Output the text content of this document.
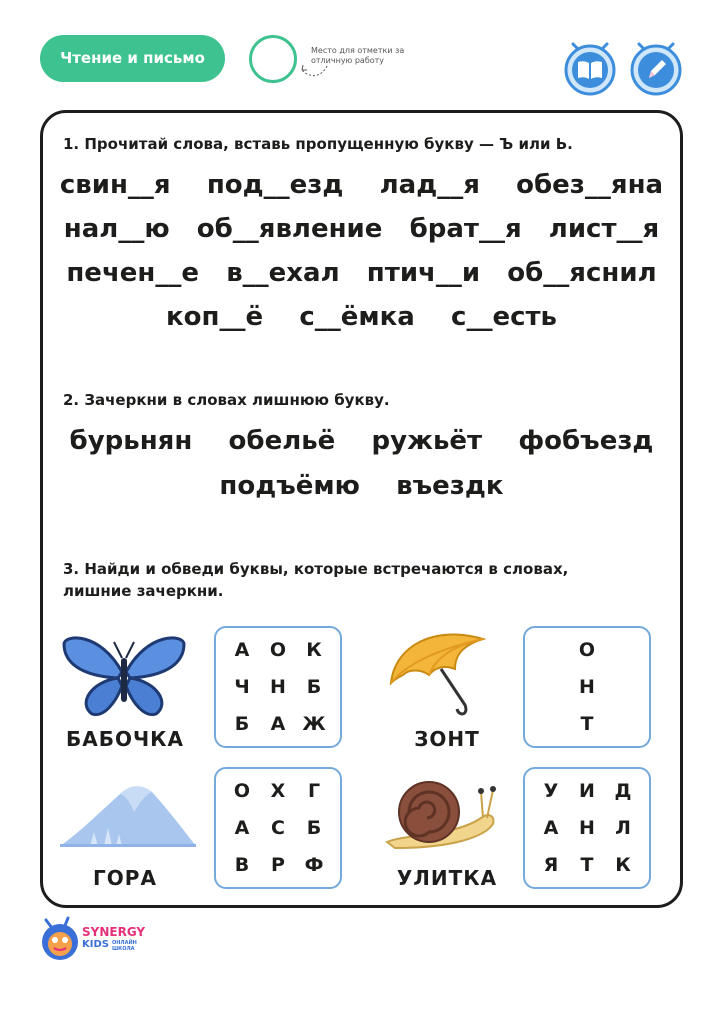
Чтение и письмо	Место для отметки за отличную работу
1. Прочитай слова, вставь пропущенную букву — Ъ или Ь.
свин__я под__езд лад__я обез__яна
нал__ю об__явление брат__я лист__я
печен__е в__ехал птич__и об__яснил
коп__ё с__ёмка с__есть
2. Зачеркни в словах лишнюю букву.
бурьнян обельё ружьёт фобъезд
подъёмю въездк
3. Найди и обведи буквы, которые встречаются в словах,
лишние зачеркни.
БАБОЧКА
А	О	К
Ч	Н	Б
Б	А Ж
ЗОНТ
О
Н
Т
ГОРА
О	Х	Г
А	С	Б
В	Р	Ф
УЛИТКА
У	И	Д
А	Н	Л
Я	Т	К
SYNERGY
KIDS ОНЛАЙН
ШКОЛА
